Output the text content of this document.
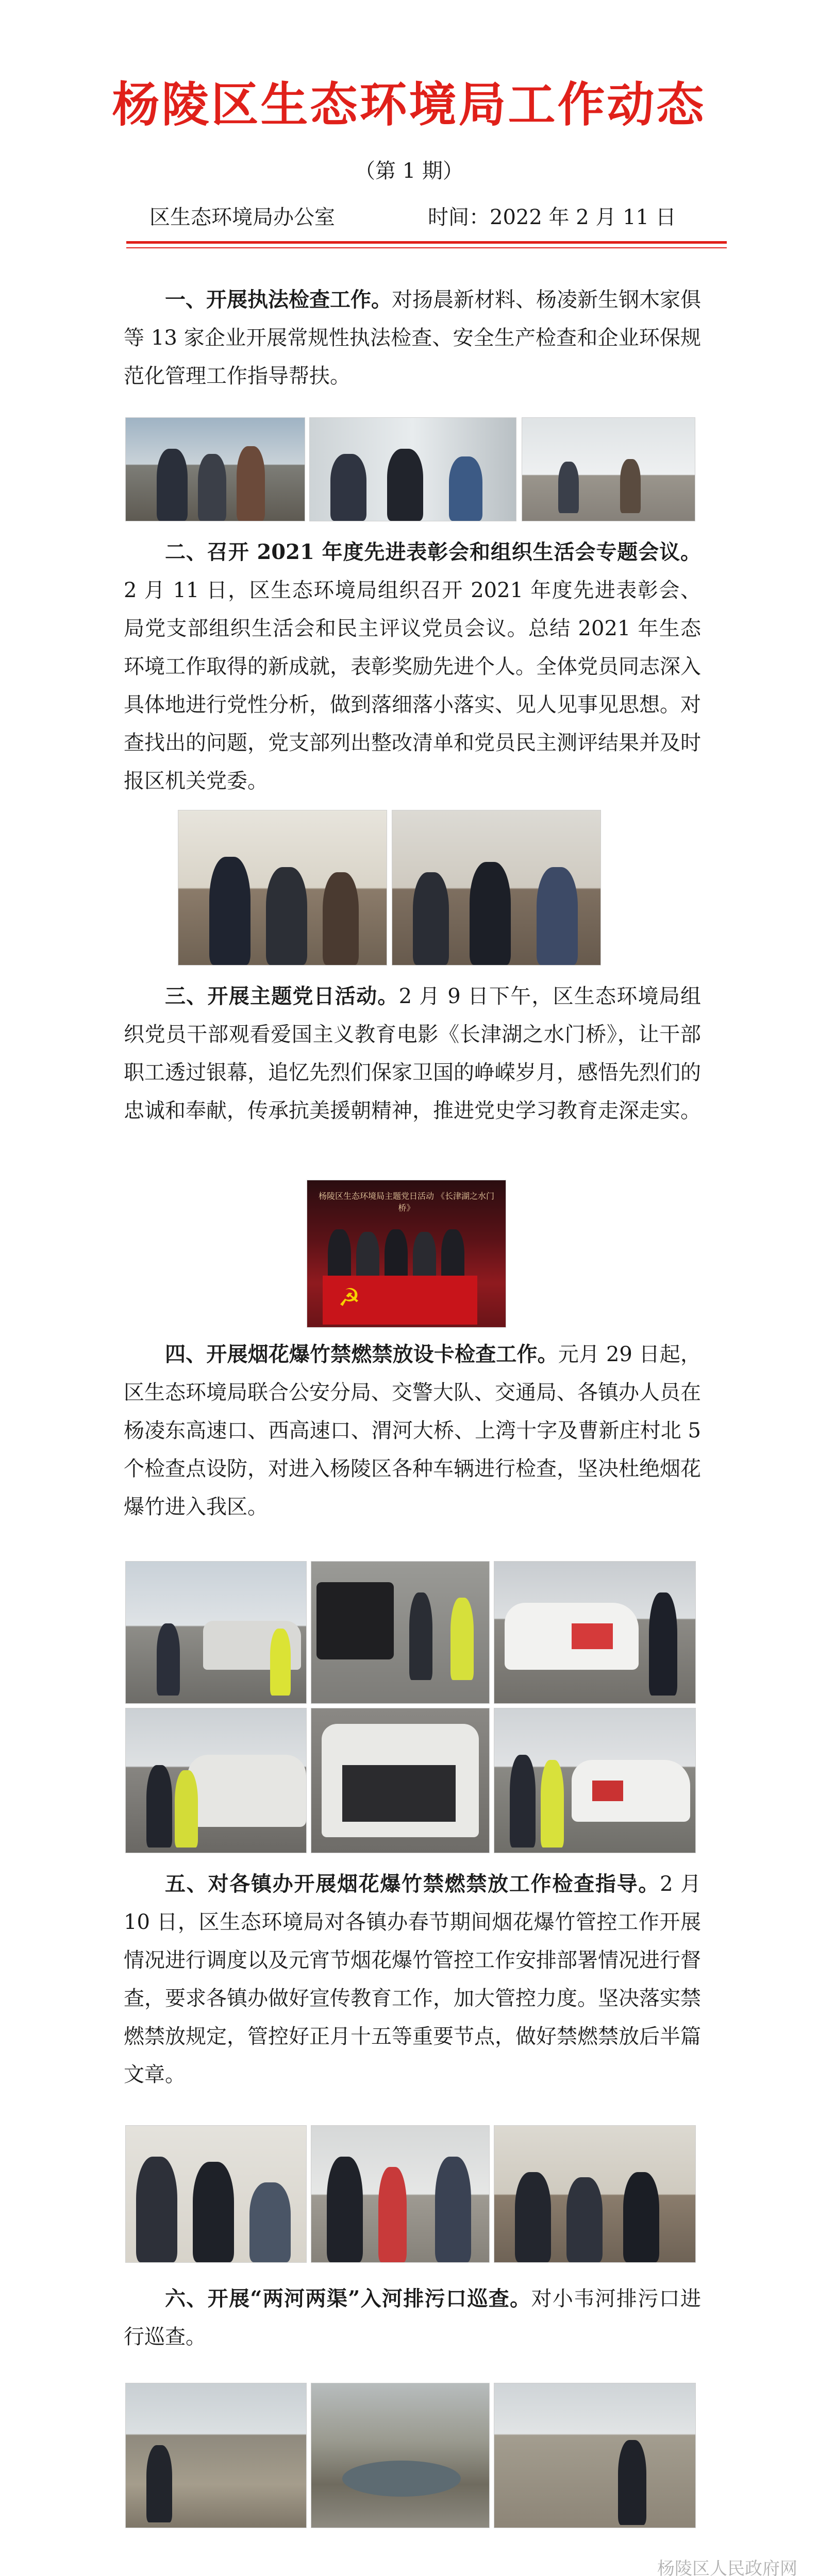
杨陵区生态环境局工作动态
（第 1 期）
区生态环境局办公室	时间：2022 年 2 月 11 日
一、开展执法检查工作。对扬晨新材料、杨凌新生钢木家俱等 13 家企业开展常规性执法检查、安全生产检查和企业环保规范化管理工作指导帮扶。
二、召开 2021 年度先进表彰会和组织生活会专题会议。2 月 11 日，区生态环境局组织召开 2021 年度先进表彰会、局党支部组织生活会和民主评议党员会议。总结 2021 年生态环境工作取得的新成就，表彰奖励先进个人。全体党员同志深入具体地进行党性分析，做到落细落小落实、见人见事见思想。对查找出的问题，党支部列出整改清单和党员民主测评结果并及时报区机关党委。
三、开展主题党日活动。2 月 9 日下午，区生态环境局组织党员干部观看爱国主义教育电影《长津湖之水门桥》，让干部职工透过银幕，追忆先烈们保家卫国的峥嵘岁月，感悟先烈们的忠诚和奉献，传承抗美援朝精神，推进党史学习教育走深走实。
杨陵区生态环境局主题党日活动 《长津湖之水门桥》
☭
四、开展烟花爆竹禁燃禁放设卡检查工作。元月 29 日起，区生态环境局联合公安分局、交警大队、交通局、各镇办人员在杨凌东高速口、西高速口、渭河大桥、上湾十字及曹新庄村北 5 个检查点设防，对进入杨陵区各种车辆进行检查，坚决杜绝烟花爆竹进入我区。
五、对各镇办开展烟花爆竹禁燃禁放工作检查指导。2 月 10 日，区生态环境局对各镇办春节期间烟花爆竹管控工作开展情况进行调度以及元宵节烟花爆竹管控工作安排部署情况进行督查，要求各镇办做好宣传教育工作，加大管控力度。坚决落实禁燃禁放规定，管控好正月十五等重要节点，做好禁燃禁放后半篇文章。
六、开展“两河两渠”入河排污口巡查。对小韦河排污口进行巡查。
杨陵区人民政府网
